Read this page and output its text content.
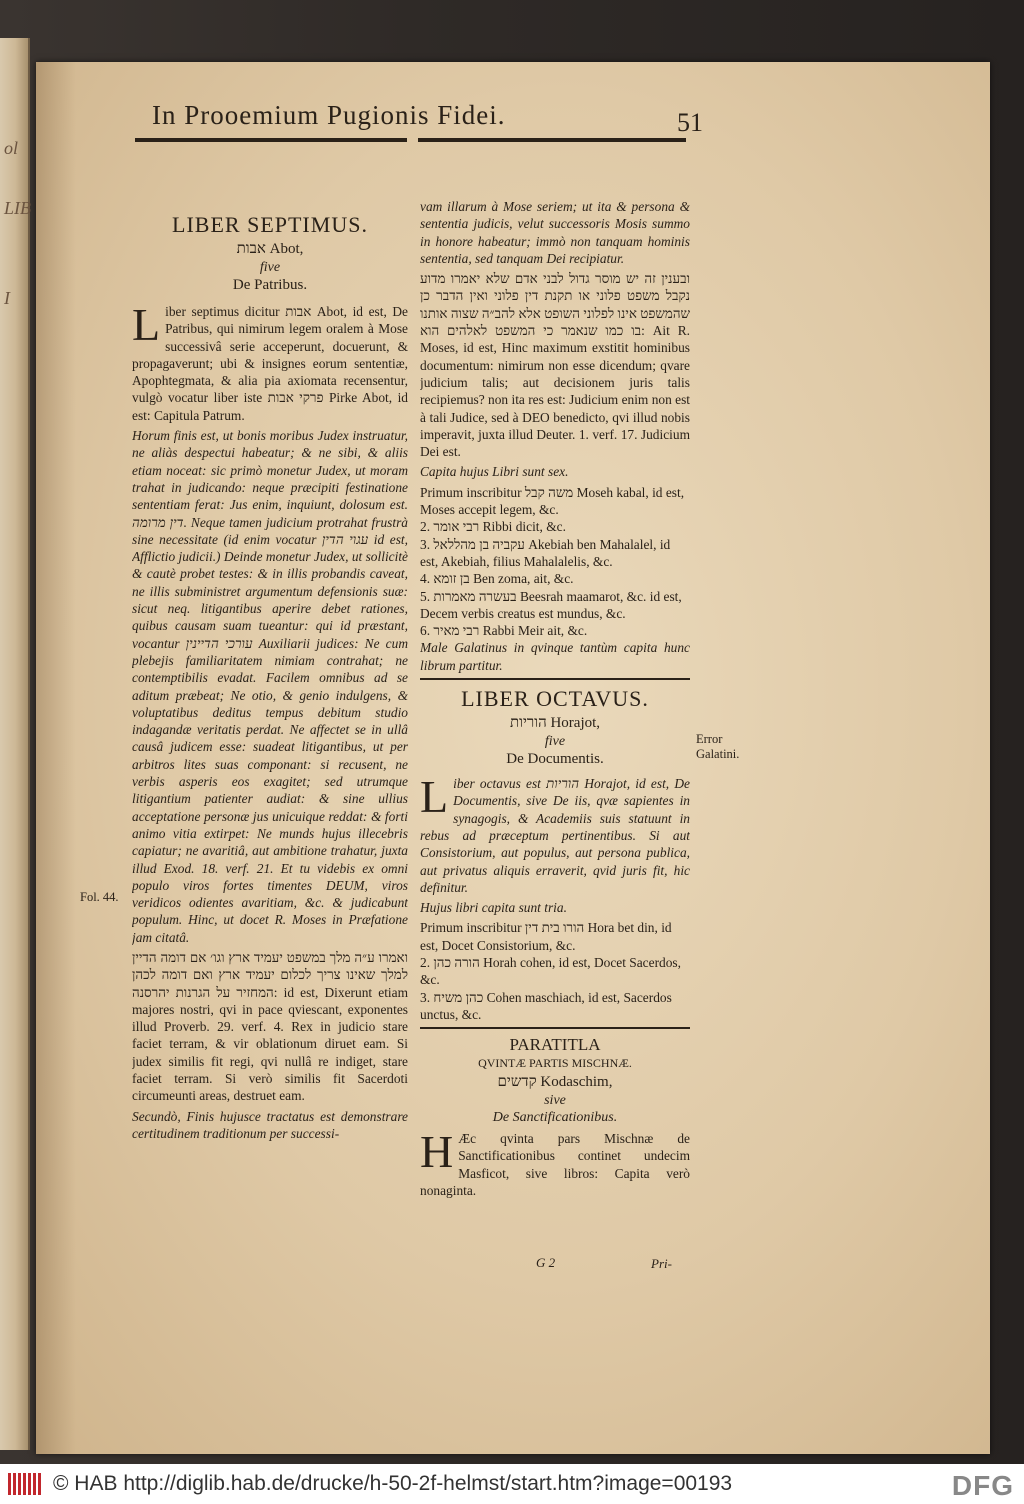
ol
LIB
I
In Prooemium Pugionis Fidei.	51
LIBER SEPTIMUS.
אבות Abot,
five
De Patribus.

L iber septimus dicitur אבות Abot, id est, De Patribus, qui nimirum legem oralem à Mose successivâ serie acceperunt, docuerunt, & propagaverunt; ubi & insignes eorum sententiæ, Apophtegmata, & alia pia axiomata recensentur, vulgò vocatur liber iste פרקי אבות Pirke Abot, id est: Capitula Patrum.

Horum finis est, ut bonis moribus Judex instruatur, ne aliàs despectui habeatur; & ne sibi, & aliis etiam noceat: sic primò monetur Judex, ut moram trahat in judicando: neque præcipiti festinatione sententiam ferat: Jus enim, inquiunt, dolosum est. דין מרומה. Neque tamen judicium protrahat frustrà sine necessitate (id enim vocatur עגוי הדין id est, Afflictio judicii.) Deinde monetur Judex, ut sollicitè & cautè probet testes: & in illis probandis caveat, ne illis subministret argumentum defensionis suæ: sicut neq. litigantibus aperire debet rationes, quibus causam suam tueantur: qui id præstant, vocantur עורכי הדיינין Auxiliarii judices: Ne cum plebejis familiaritatem nimiam contrahat; ne contemptibilis evadat. Facilem omnibus ad se aditum præbeat; Ne otio, & genio indulgens, & voluptatibus deditus tempus debitum studio indagandæ veritatis perdat. Ne affectet se in ullâ causâ judicem esse: suadeat litigantibus, ut per arbitros lites suas componant: si recusent, ne verbis asperis eos exagitet; sed utrumque litigantium patienter audiat: & sine ullius acceptatione personæ jus unicuique reddat: & forti animo vitia extirpet: Ne munds hujus illecebris capiatur; ne avaritiâ, aut ambitione trahatur, juxta illud Exod. 18. verf. 21. Et tu videbis ex omni populo viros fortes timentes DEUM, viros veridicos odientes avaritiam, &c. & judicabunt populum. Hinc, ut docet R. Moses in Præfatione jam citatâ.

ואמרו ע״ה מלך במשפט יעמיד ארץ וגו׳ אם דומה הדיין למלך שאינו צריך לכלום יעמיד ארץ ואם דומה לכהן המחזיר על הגרנות יהרסנה: id est, Dixerunt etiam majores nostri, qvi in pace qviescant, exponentes illud Proverb. 29. verf. 4. Rex in judicio stare faciet terram, & vir oblationum diruet eam. Si judex similis fit regi, qvi nullâ re indiget, stare faciet terram. Si verò similis fit Sacerdoti circumeunti areas, destruet eam.

Secundò, Finis hujusce tractatus est demonstrare certitudinem traditionum per successi-

Fol. 44.

vam illarum à Mose seriem; ut ita & persona & sententia judicis, velut successoris Mosis summo in honore habeatur; immò non tanquam hominis sententia, sed tanquam Dei recipiatur.

ובענין זה יש מוסר גדול לבני אדם שלא יאמרו מדוע נקבל משפט פלוני או תקנת דין פלוני ואין הדבר כן שהמשפט אינו לפלוני השופט אלא להב״ה שצוה אותנו בו כמו שנאמר כי המשפט לאלהים הוא: Ait R. Moses, id est, Hinc maximum exstitit hominibus documentum: nimirum non esse dicendum; qvare judicium talis; aut decisionem juris talis recipiemus? non ita res est: Judicium enim non est à tali Judice, sed à DEO benedicto, qvi illud nobis imperavit, juxta illud Deuter. 1. verf. 17. Judicium Dei est.

Capita hujus Libri sunt sex.

Primum inscribitur משה קבל Moseh kabal, id est, Moses accepit legem, &c.
2. רבי אומר Ribbi dicit, &c.
3. עקביה בן מהללאל Akebiah ben Mahalalel, id est, Akebiah, filius Mahalalelis, &c.
4. בן זומא Ben zoma, ait, &c.
5. בעשרה מאמרות Beesrah maamarot, &c. id est, Decem verbis creatus est mundus, &c.
6. רבי מאיר Rabbi Meir ait, &c.

Male Galatinus in qvinque tantùm capita hunc librum partitur.

LIBER OCTAVUS.
הוריות Horajot,
five
De Documentis.

L iber octavus est הוריות Horajot, id est, De Documentis, sive De iis, qvæ sapientes in synagogis, & Academiis suis statuunt in rebus ad præceptum pertinentibus. Si aut Consistorium, aut populus, aut persona publica, aut privatus aliquis erraverit, qvid juris fit, hic definitur.

Hujus libri capita sunt tria.

Primum inscribitur הורו בית דין Hora bet din, id est, Docet Consistorium, &c.
2. הורה כהן Horah cohen, id est, Docet Sacerdos, &c.
3. כהן משיח Cohen maschiach, id est, Sacerdos unctus, &c.
PARATITLA
QVINTÆ PARTIS MISCHNÆ.
קדשים Kodaschim,
sive
De Sanctificationibus.

H Æc qvinta pars Mischnæ de Sanctificationibus continet undecim Masficot, sive libros: Capita verò nonaginta.

Error Galatini.
G 2	Pri-
© HAB http://diglib.hab.de/drucke/h-50-2f-helmst/start.htm?image=00193	DFG
